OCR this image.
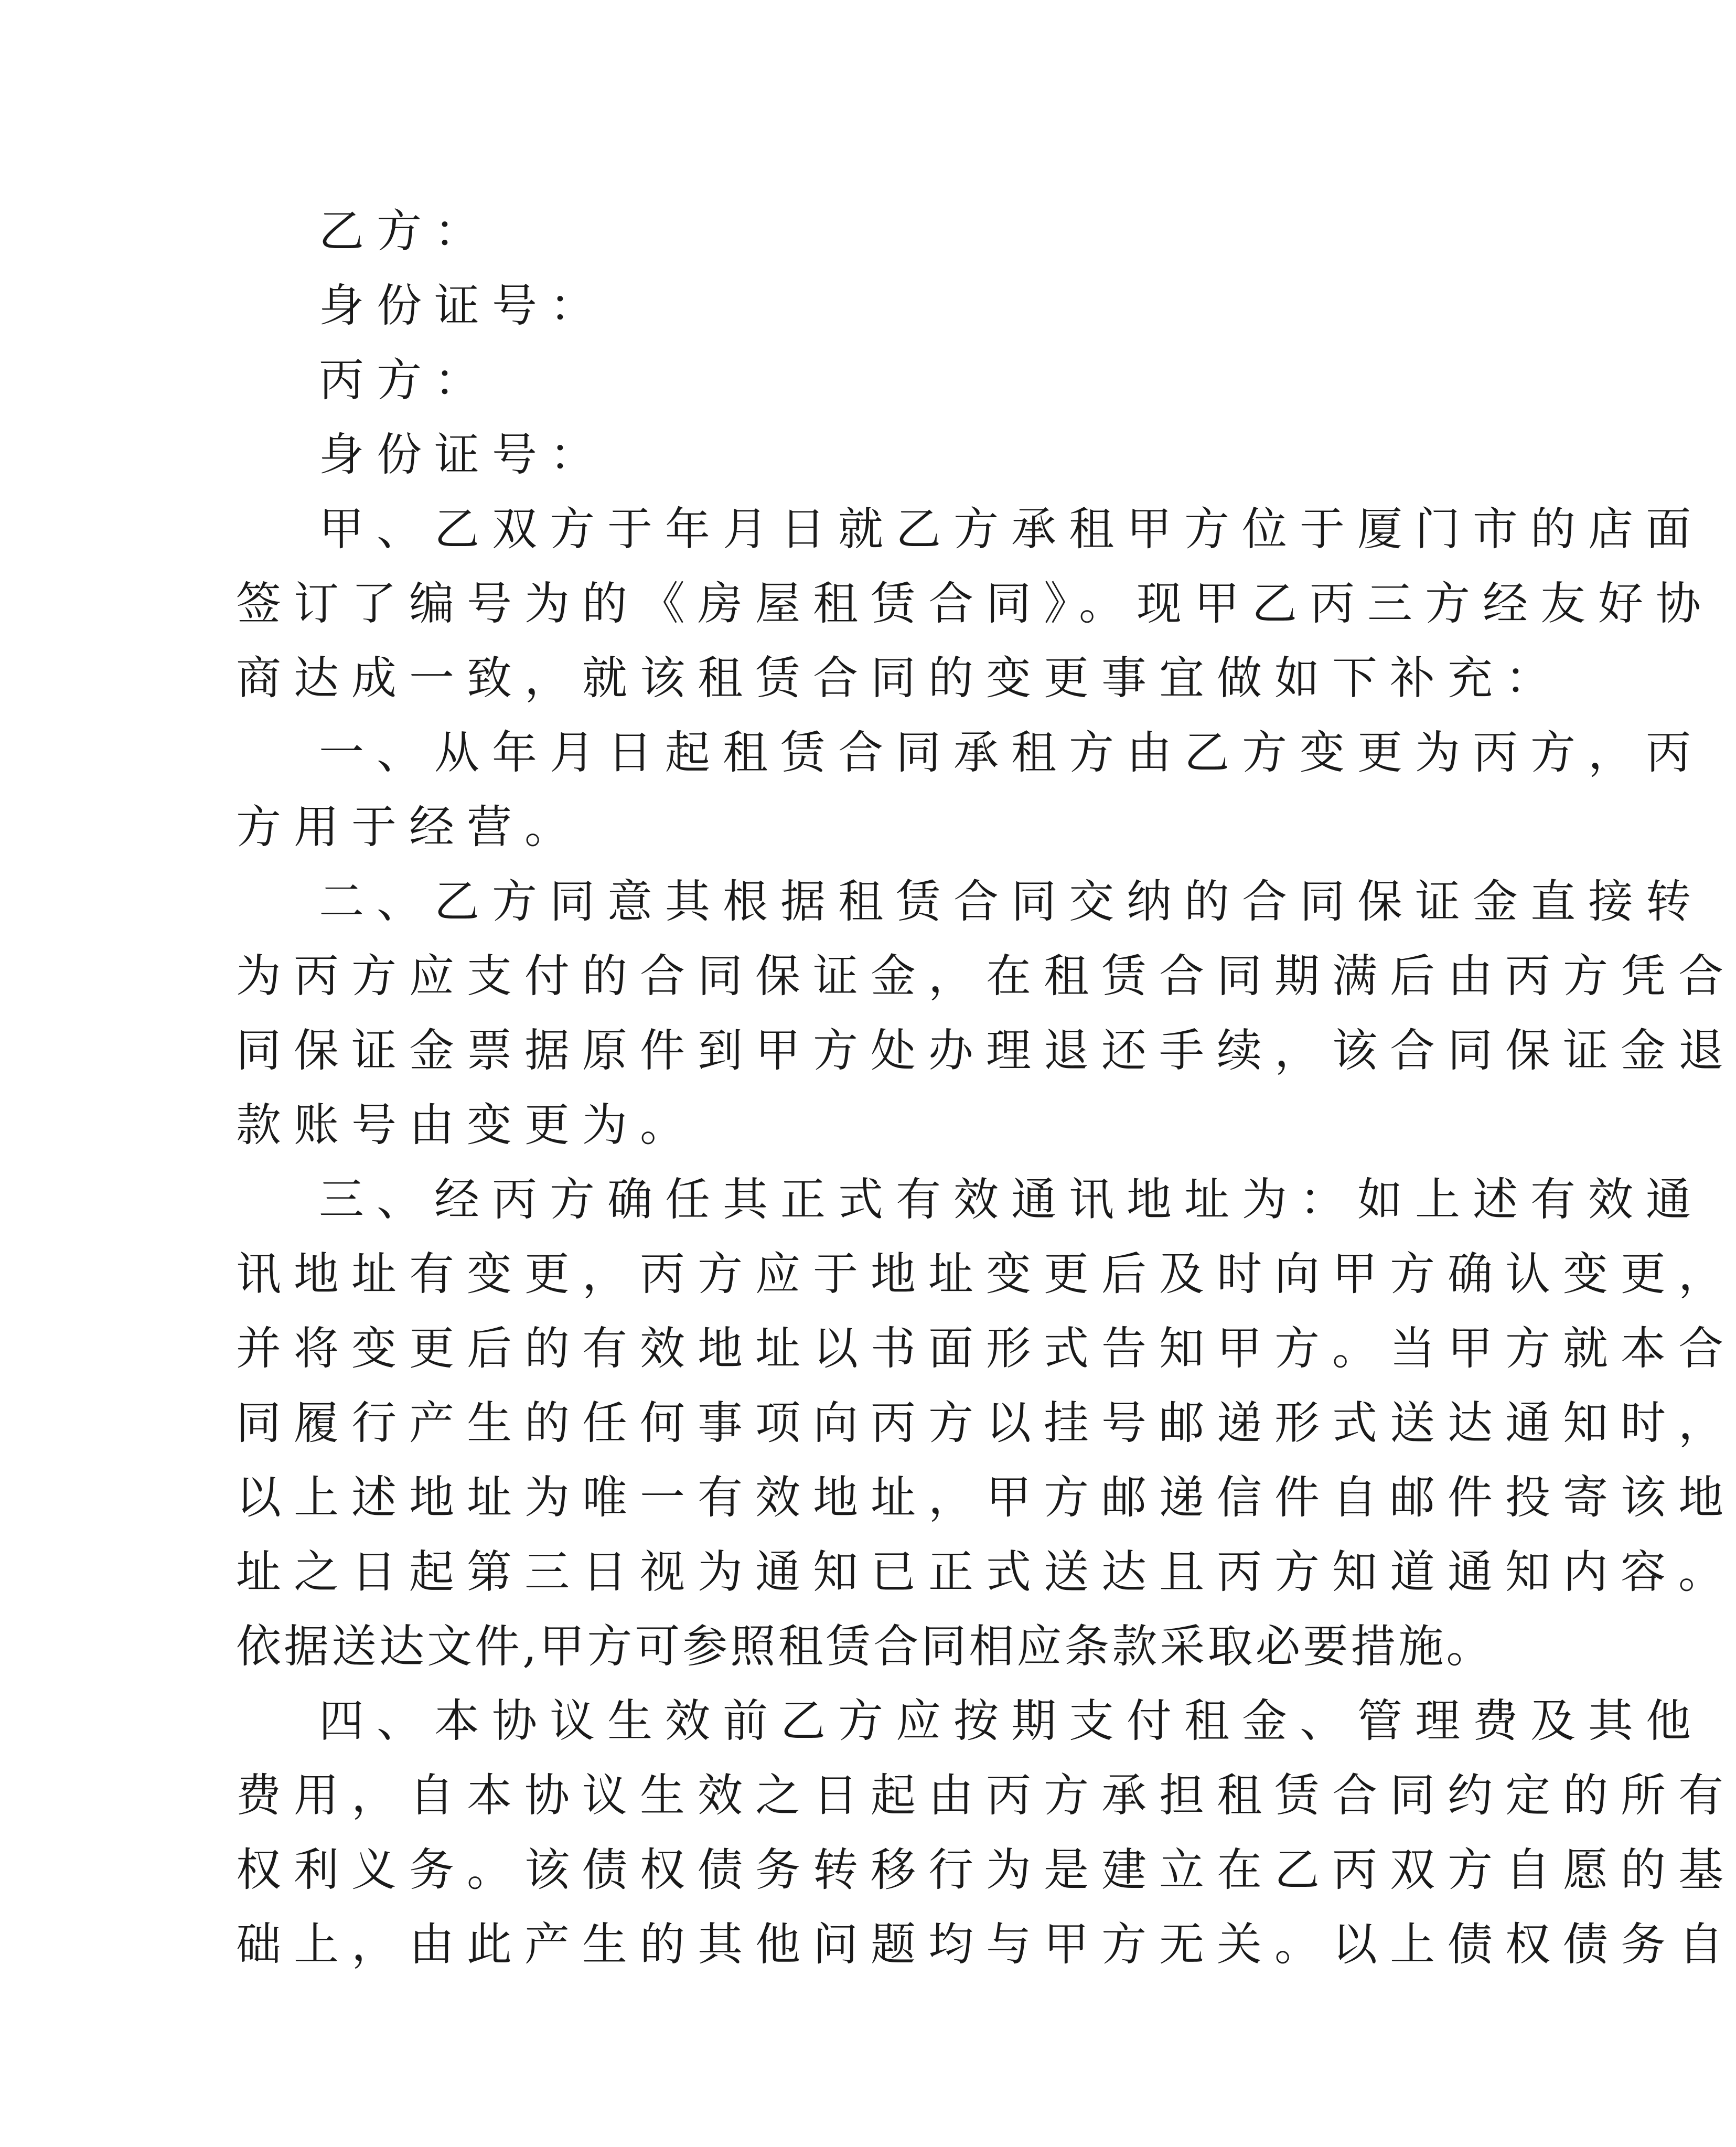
乙方：

身份证号：

丙方：

身份证号：

甲、乙双方于年月日就乙方承租甲方位于厦门市的店面

签订了编号为的《房屋租赁合同》。现甲乙丙三方经友好协

商达成一致，就该租赁合同的变更事宜做如下补充：

一、从年月日起租赁合同承租方由乙方变更为丙方，丙

方用于经营。

二、乙方同意其根据租赁合同交纳的合同保证金直接转

为丙方应支付的合同保证金，在租赁合同期满后由丙方凭合

同保证金票据原件到甲方处办理退还手续，该合同保证金退

款账号由变更为。

三、经丙方确任其正式有效通讯地址为：如上述有效通

讯地址有变更，丙方应于地址变更后及时向甲方确认变更，

并将变更后的有效地址以书面形式告知甲方。当甲方就本合

同履行产生的任何事项向丙方以挂号邮递形式送达通知时，

以上述地址为唯一有效地址，甲方邮递信件自邮件投寄该地

址之日起第三日视为通知已正式送达且丙方知道通知内容。

依据送达文件,甲方可参照租赁合同相应条款采取必要措施。

四、本协议生效前乙方应按期支付租金、管理费及其他

费用，自本协议生效之日起由丙方承担租赁合同约定的所有

权利义务。该债权债务转移行为是建立在乙丙双方自愿的基

础上，由此产生的其他问题均与甲方无关。以上债权债务自
